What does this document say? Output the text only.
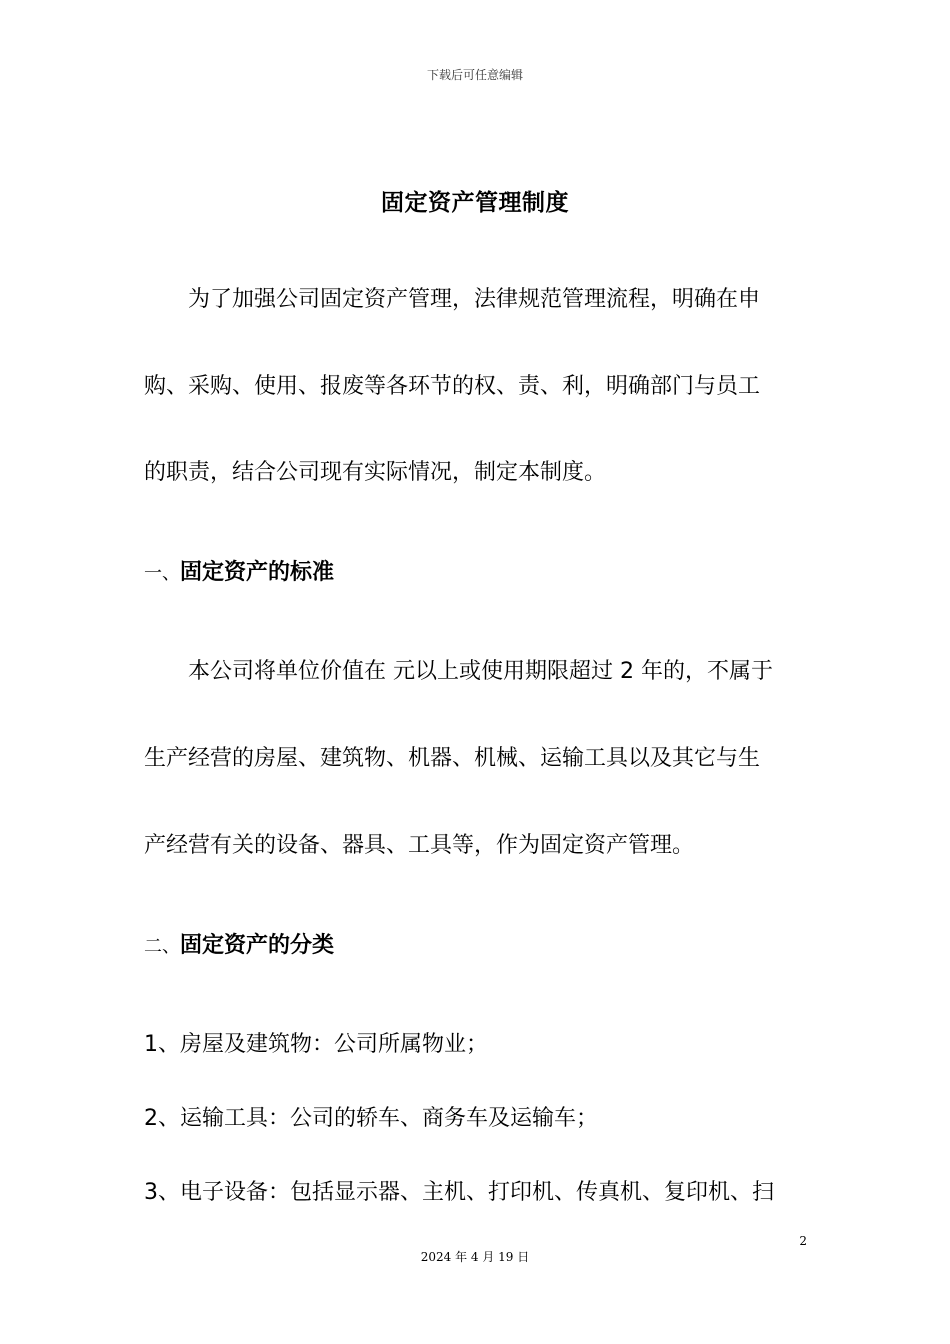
下载后可任意编辑
固定资产管理制度
为了加强公司固定资产管理，法律规范管理流程，明确在申
购、采购、使用、报废等各环节的权、责、利，明确部门与员工
的职责，结合公司现有实际情况，制定本制度。
一、固定资产的标准
本公司将单位价值在 元以上或使用期限超过 2 年的，不属于
生产经营的房屋、建筑物、机器、机械、运输工具以及其它与生
产经营有关的设备、器具、工具等，作为固定资产管理。
二、固定资产的分类
1、房屋及建筑物：公司所属物业；
2、运输工具：公司的轿车、商务车及运输车；
3、电子设备：包括显示器、主机、打印机、传真机、复印机、扫
2
2024 年 4 月 19 日
